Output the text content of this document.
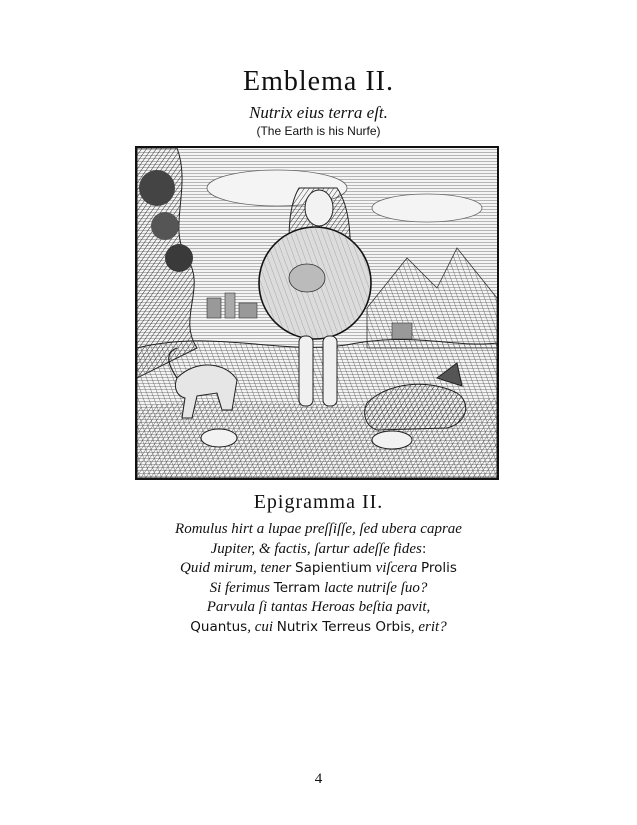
Emblema II.
Nutrix eius terra eſt.
(The Earth is his Nurfe)
Epigramma II.
Romulus hirt a lupae preſſiſſe, ſed ubera caprae
Jupiter, & factis, ſartur adeſſe fides:
Quid mirum, tener Sapientium viſcera Prolis
Si ferimus Terram lacte nutriſe ſuo?
Parvula ſi tantas Heroas beſtia pavit,
Quantus, cui Nutrix Terreus Orbis, erit?
4
